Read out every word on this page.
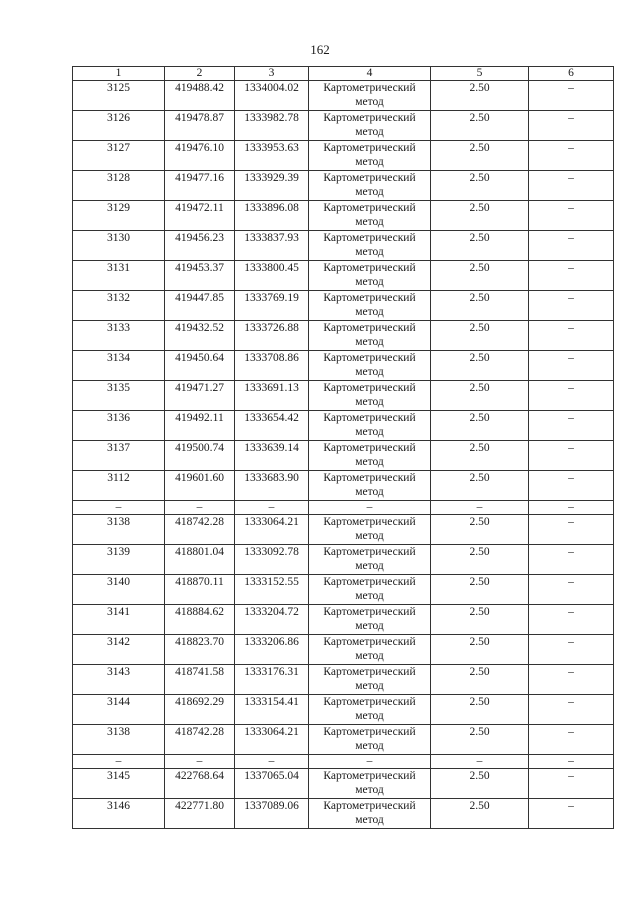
162
1	2	3	4	5	6
3125	419488.42	1334004.02	Картометрический метод	2.50	–
3126	419478.87	1333982.78	Картометрический метод	2.50	–
3127	419476.10	1333953.63	Картометрический метод	2.50	–
3128	419477.16	1333929.39	Картометрический метод	2.50	–
3129	419472.11	1333896.08	Картометрический метод	2.50	–
3130	419456.23	1333837.93	Картометрический метод	2.50	–
3131	419453.37	1333800.45	Картометрический метод	2.50	–
3132	419447.85	1333769.19	Картометрический метод	2.50	–
3133	419432.52	1333726.88	Картометрический метод	2.50	–
3134	419450.64	1333708.86	Картометрический метод	2.50	–
3135	419471.27	1333691.13	Картометрический метод	2.50	–
3136	419492.11	1333654.42	Картометрический метод	2.50	–
3137	419500.74	1333639.14	Картометрический метод	2.50	–
3112	419601.60	1333683.90	Картометрический метод	2.50	–
–	–	–	–	–	–
3138	418742.28	1333064.21	Картометрический метод	2.50	–
3139	418801.04	1333092.78	Картометрический метод	2.50	–
3140	418870.11	1333152.55	Картометрический метод	2.50	–
3141	418884.62	1333204.72	Картометрический метод	2.50	–
3142	418823.70	1333206.86	Картометрический метод	2.50	–
3143	418741.58	1333176.31	Картометрический метод	2.50	–
3144	418692.29	1333154.41	Картометрический метод	2.50	–
3138	418742.28	1333064.21	Картометрический метод	2.50	–
–	–	–	–	–	–
3145	422768.64	1337065.04	Картометрический метод	2.50	–
3146	422771.80	1337089.06	Картометрический метод	2.50	–
